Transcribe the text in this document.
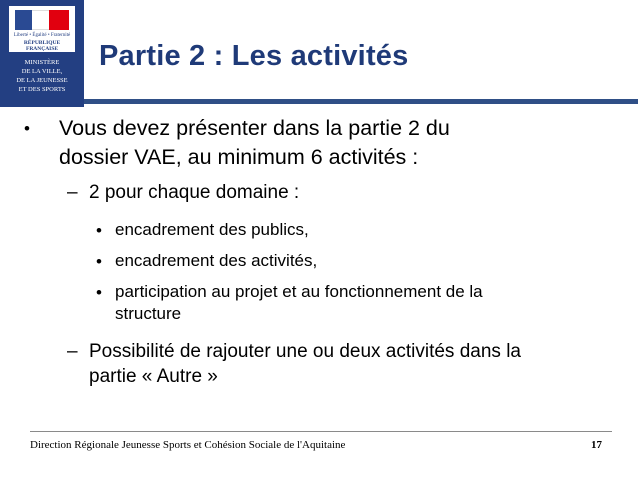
Liberté • Égalité • Fraternité
RÉPUBLIQUE FRANÇAISE
MINISTÈRE
DE LA VILLE,
DE LA JEUNESSE
ET DES SPORTS
Partie 2 : Les activités
• Vous devez présenter dans la partie 2 du
dossier VAE, au minimum 6 activités :
– 2 pour chaque domaine :
• encadrement des publics,
• encadrement des activités,
• participation au projet et au fonctionnement de la
structure
– Possibilité de rajouter une ou deux activités dans la
partie « Autre »
Direction Régionale Jeunesse Sports et Cohésion Sociale de l'Aquitaine	17
